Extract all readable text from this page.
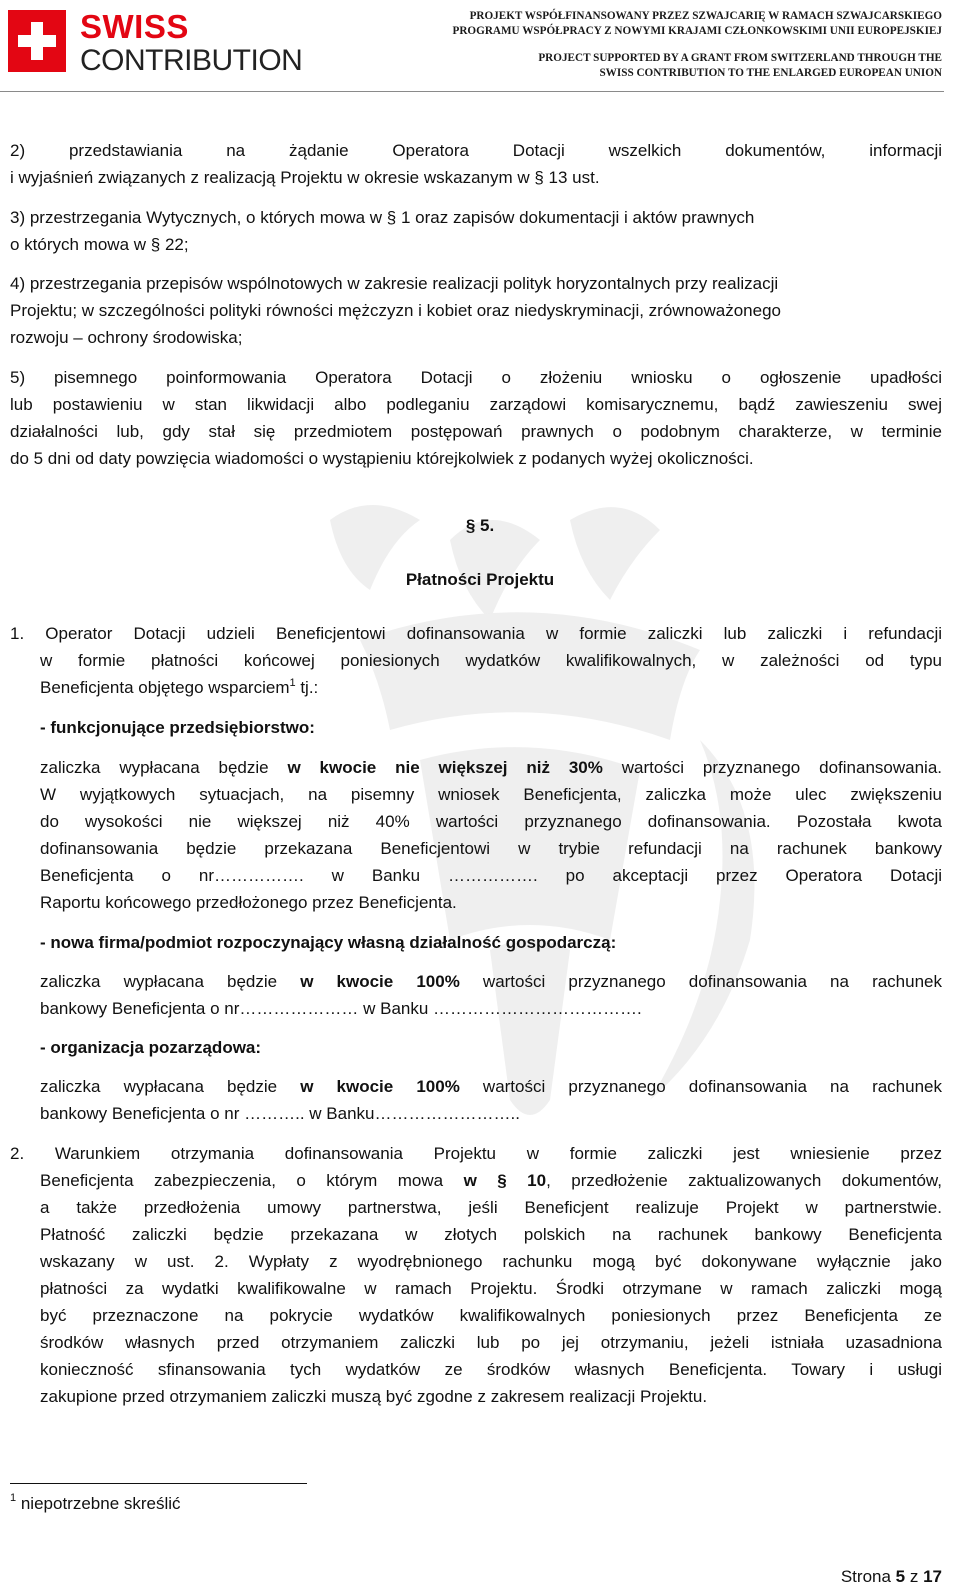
SWISS
CONTRIBUTION
PROJEKT WSPÓŁFINANSOWANY PRZEZ SZWAJCARIĘ W RAMACH SZWAJCARSKIEGO
PROGRAMU WSPÓŁPRACY Z NOWYMI KRAJAMI CZŁONKOWSKIMI UNII EUROPEJSKIEJ
PROJECT SUPPORTED BY A GRANT FROM SWITZERLAND THROUGH THE
SWISS CONTRIBUTION TO THE ENLARGED EUROPEAN UNION
2) przedstawiania na żądanie Operatora Dotacji wszelkich dokumentów, informacji
i wyjaśnień związanych z realizacją Projektu w okresie wskazanym w § 13 ust.
3) przestrzegania Wytycznych, o których mowa w § 1 oraz zapisów dokumentacji i aktów prawnych
o których mowa w § 22;
4) przestrzegania przepisów wspólnotowych w zakresie realizacji polityk horyzontalnych przy realizacji
Projektu; w szczególności polityki równości mężczyzn i kobiet oraz niedyskryminacji, zrównoważonego
rozwoju – ochrony środowiska;
5) pisemnego poinformowania Operatora Dotacji o złożeniu wniosku o ogłoszenie upadłości
lub postawieniu w stan likwidacji albo podleganiu zarządowi komisarycznemu, bądź zawieszeniu swej
działalności lub, gdy stał się przedmiotem postępowań prawnych o podobnym charakterze, w terminie
do 5 dni od daty powzięcia wiadomości o wystąpieniu którejkolwiek z podanych wyżej okoliczności.
§ 5.
Płatności Projektu
1. Operator Dotacji udzieli Beneficjentowi dofinansowania w formie zaliczki lub zaliczki i refundacji
w formie płatności końcowej poniesionych wydatków kwalifikowalnych, w zależności od typu
Beneficjenta objętego wsparciem$^1$ tj.:
- funkcjonujące przedsiębiorstwo:
zaliczka wypłacana będzie w kwocie nie większej niż 30% wartości przyznanego dofinansowania.
W wyjątkowych sytuacjach, na pisemny wniosek Beneficjenta, zaliczka może ulec zwiększeniu
do wysokości nie większej niż 40% wartości przyznanego dofinansowania. Pozostała kwota
dofinansowania będzie przekazana Beneficjentowi w trybie refundacji na rachunek bankowy
Beneficjenta o nr……………. w Banku ……………. po akceptacji przez Operatora Dotacji
Raportu końcowego przedłożonego przez Beneficjenta.
- nowa firma/podmiot rozpoczynający własną działalność gospodarczą:
zaliczka wypłacana będzie w kwocie 100% wartości przyznanego dofinansowania na rachunek
bankowy Beneficjenta o nr………………… w Banku ……………………………….
- organizacja pozarządowa:
zaliczka wypłacana będzie w kwocie 100% wartości przyznanego dofinansowania na rachunek
bankowy Beneficjenta o nr ……….. w Banku……………………..
2. Warunkiem otrzymania dofinansowania Projektu w formie zaliczki jest wniesienie przez
Beneficjenta zabezpieczenia, o którym mowa w § 10, przedłożenie zaktualizowanych dokumentów,
a także przedłożenia umowy partnerstwa, jeśli Beneficjent realizuje Projekt w partnerstwie.
Płatność zaliczki będzie przekazana w złotych polskich na rachunek bankowy Beneficjenta
wskazany w ust. 2. Wypłaty z wyodrębnionego rachunku mogą być dokonywane wyłącznie jako
płatności za wydatki kwalifikowalne w ramach Projektu. Środki otrzymane w ramach zaliczki mogą
być przeznaczone na pokrycie wydatków kwalifikowalnych poniesionych przez Beneficjenta ze
środków własnych przed otrzymaniem zaliczki lub po jej otrzymaniu, jeżeli istniała uzasadniona
konieczność sfinansowania tych wydatków ze środków własnych Beneficjenta. Towary i usługi
zakupione przed otrzymaniem zaliczki muszą być zgodne z zakresem realizacji Projektu.
$^1$ niepotrzebne skreślić
Strona 5 z 17
